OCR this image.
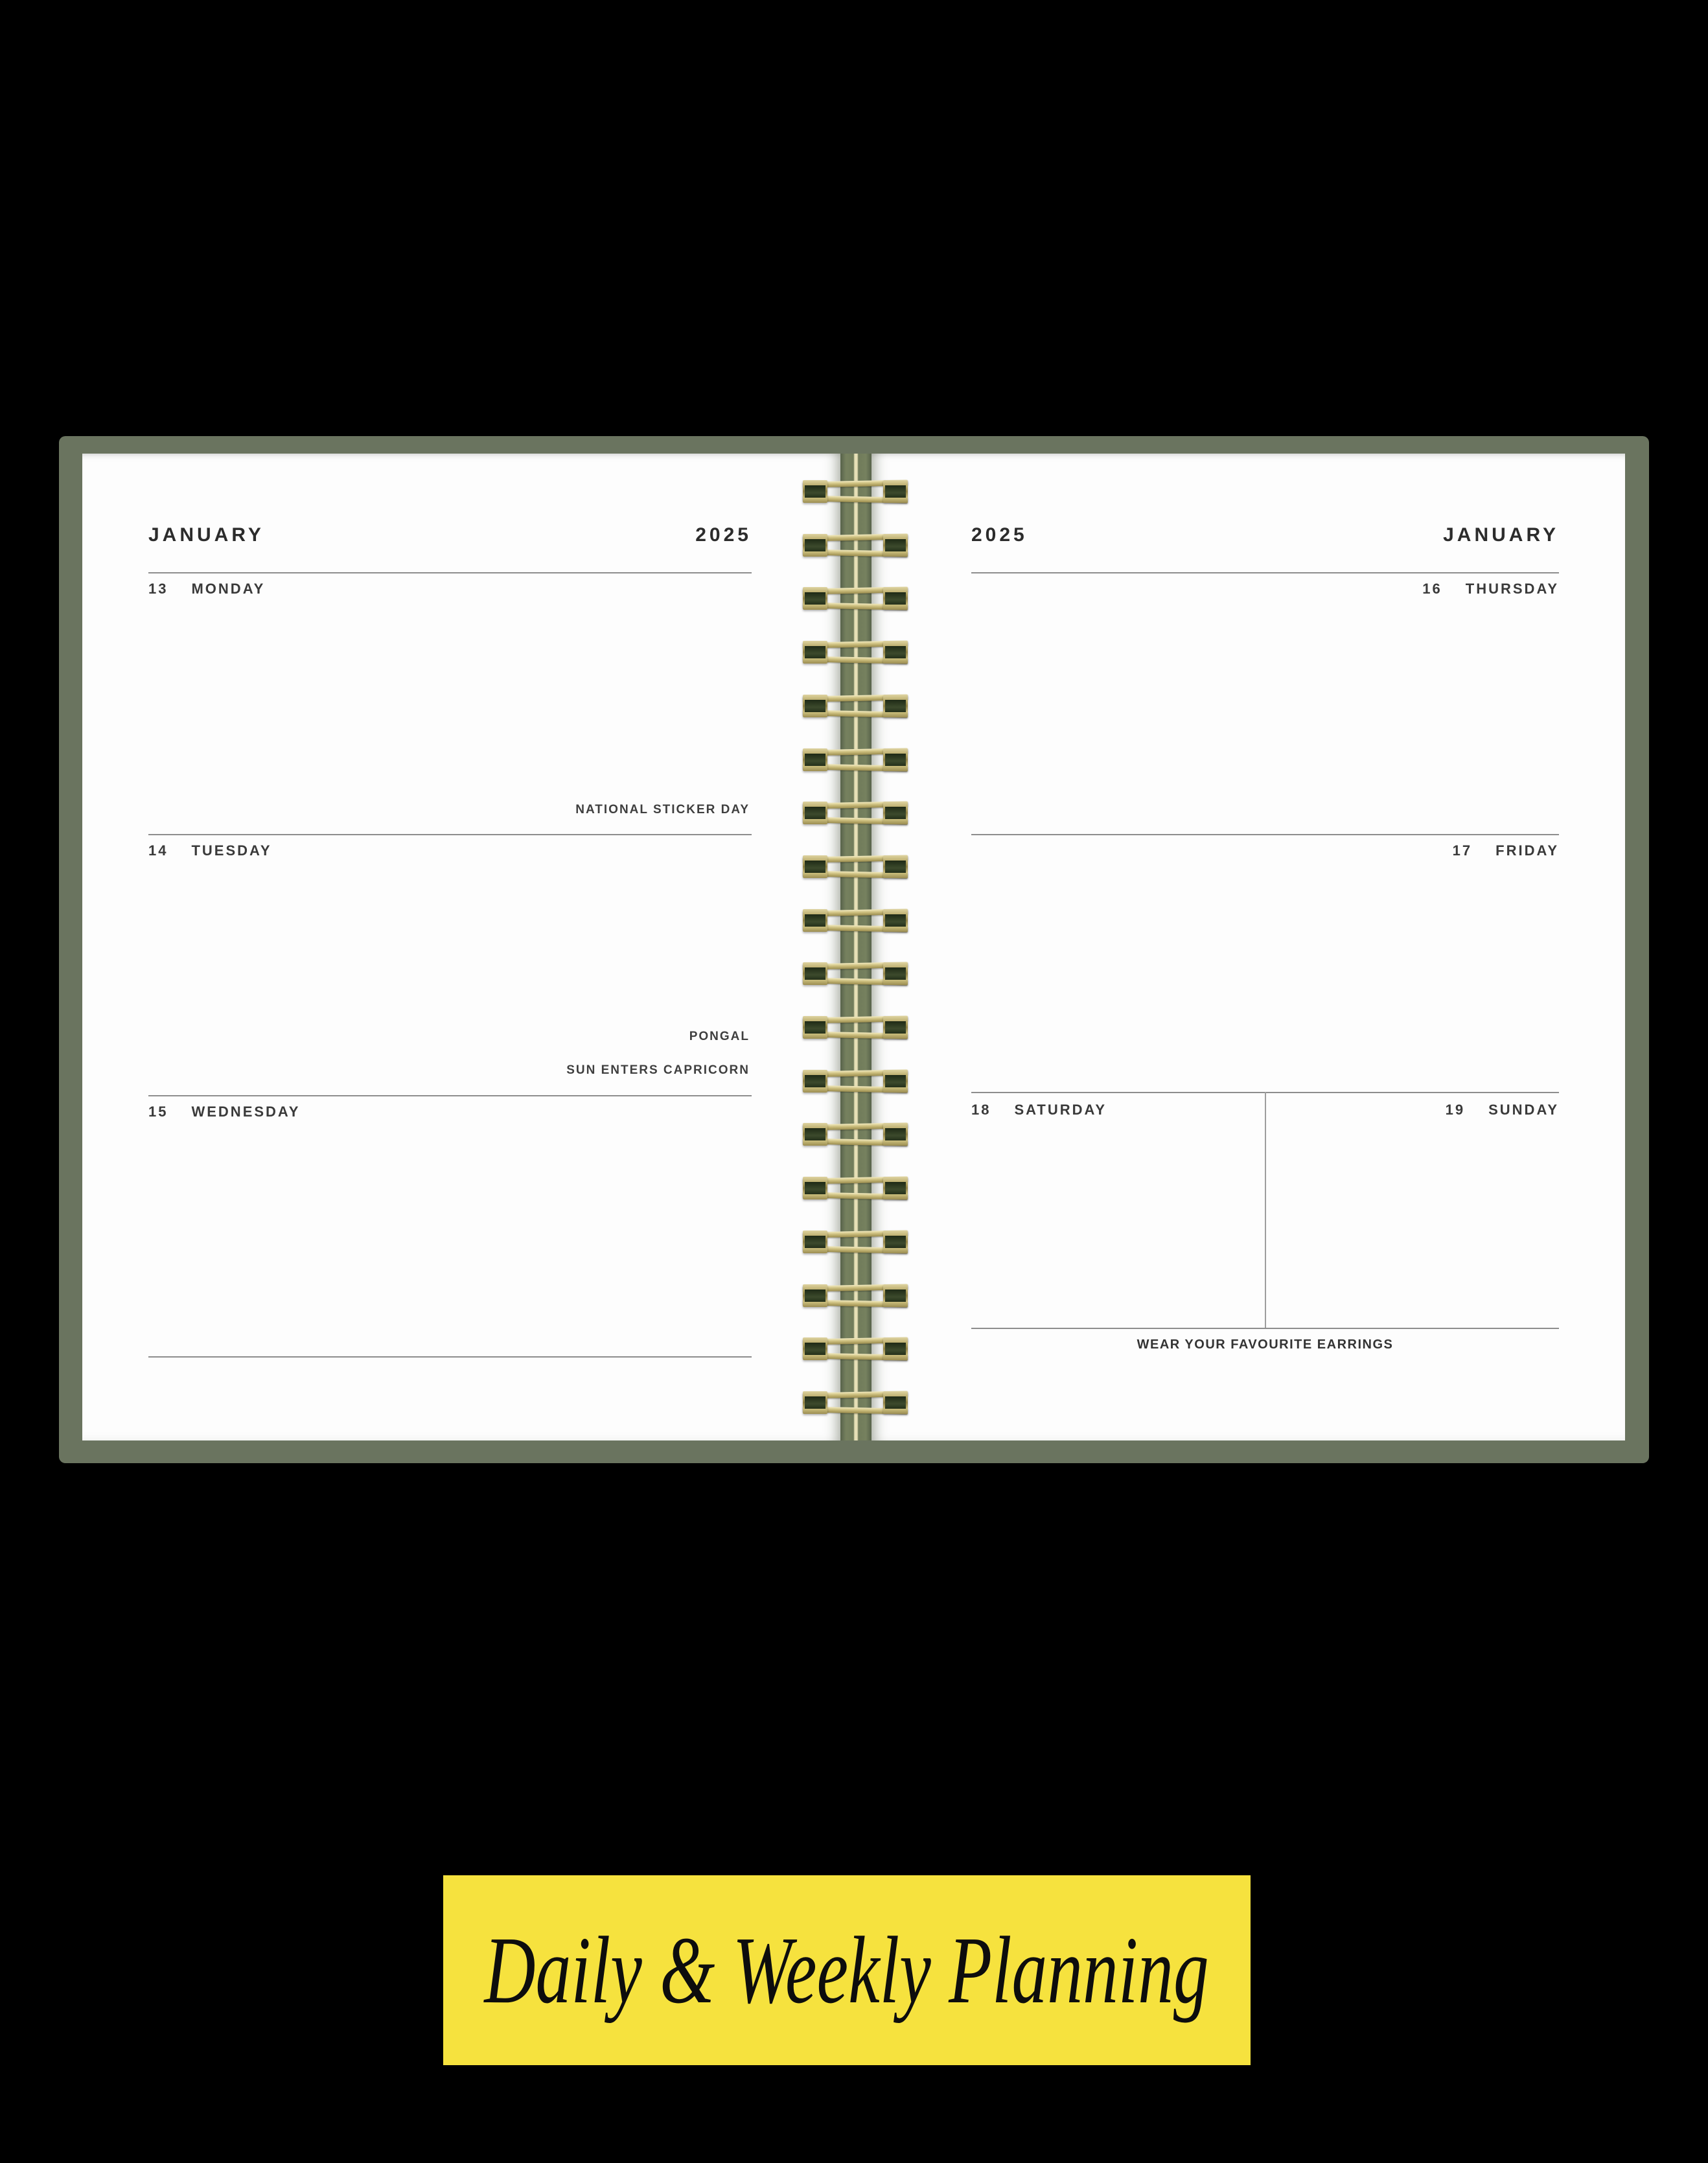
JANUARY	2025
13 MONDAY
NATIONAL STICKER DAY
14 TUESDAY
PONGAL
SUN ENTERS CAPRICORN
15 WEDNESDAY
2025	JANUARY
16 THURSDAY
17 FRIDAY
18 SATURDAY	19 SUNDAY
WEAR YOUR FAVOURITE EARRINGS
Daily & Weekly Planning
